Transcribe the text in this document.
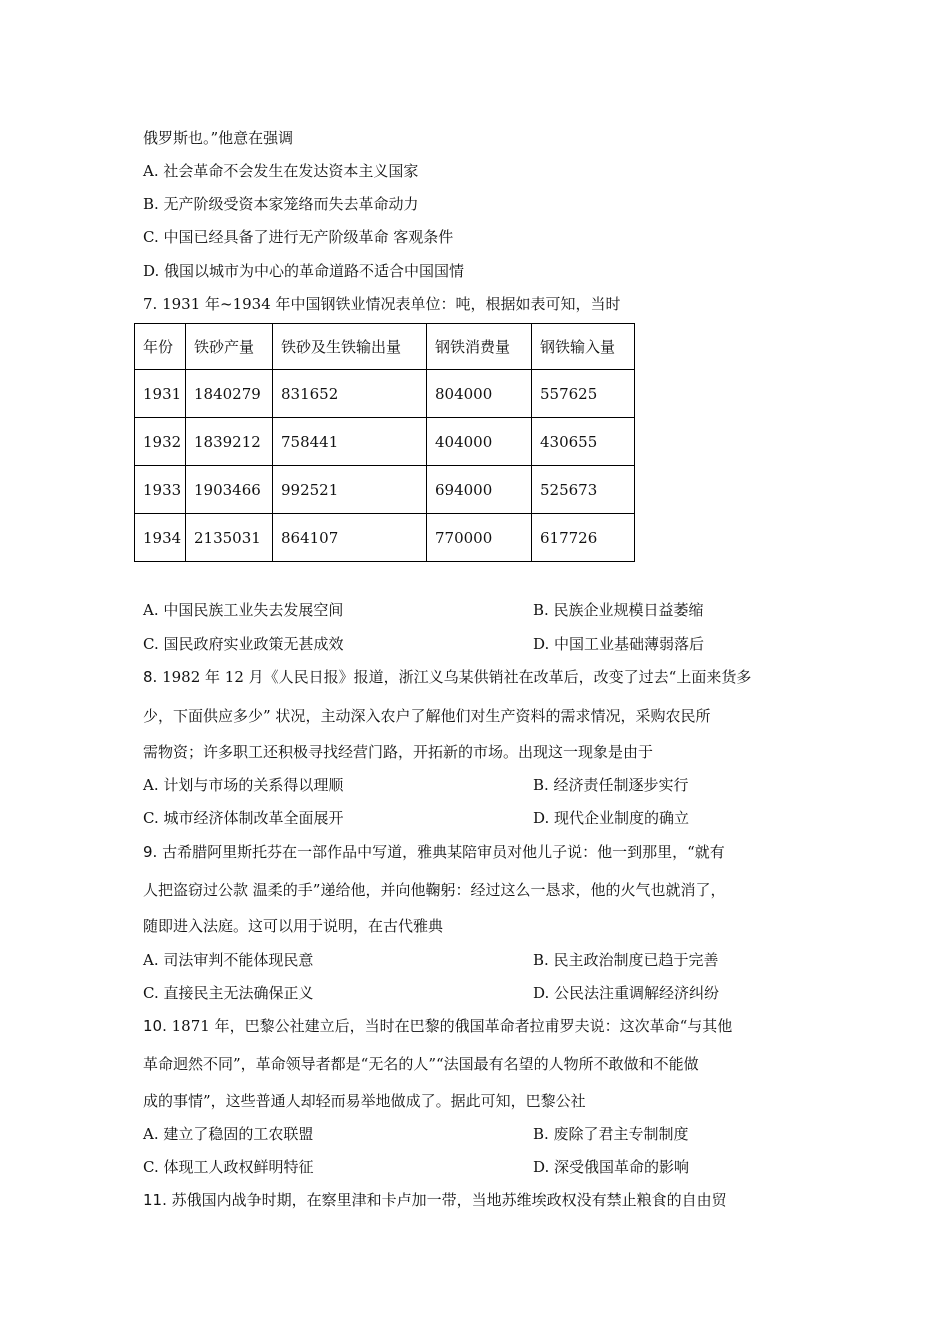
俄罗斯也。”他意在强调
A. 社会革命不会发生在发达资本主义国家
B. 无产阶级受资本家笼络而失去革命动力
C. 中国已经具备了进行无产阶级革命 客观条件
D. 俄国以城市为中心的革命道路不适合中国国情
7. 1931 年~1934 年中国钢铁业情况表单位：吨，根据如表可知，当时
年份	铁砂产量	铁砂及生铁输出量	钢铁消费量	钢铁输入量
1931	1840279	831652	804000	557625
1932	1839212	758441	404000	430655
1933	1903466	992521	694000	525673
1934	2135031	864107	770000	617726
A. 中国民族工业失去发展空间	B. 民族企业规模日益萎缩
C. 国民政府实业政策无甚成效	D. 中国工业基础薄弱落后
8. 1982 年 12 月《人民日报》报道，浙江义乌某供销社在改革后，改变了过去“上面来货多
少，下面供应多少” 状况，主动深入农户了解他们对生产资料的需求情况，采购农民所
需物资；许多职工还积极寻找经营门路，开拓新的市场。出现这一现象是由于
A. 计划与市场的关系得以理顺	B. 经济责任制逐步实行
C. 城市经济体制改革全面展开	D. 现代企业制度的确立
9. 古希腊阿里斯托芬在一部作品中写道，雅典某陪审员对他儿子说：他一到那里，“就有
人把盗窃过公款 温柔的手”递给他，并向他鞠躬：经过这么一恳求，他的火气也就消了，
随即进入法庭。这可以用于说明，在古代雅典
A. 司法审判不能体现民意	B. 民主政治制度已趋于完善
C. 直接民主无法确保正义	D. 公民法注重调解经济纠纷
10. 1871 年，巴黎公社建立后，当时在巴黎的俄国革命者拉甫罗夫说：这次革命“与其他
革命迥然不同”，革命领导者都是“无名的人”“法国最有名望的人物所不敢做和不能做
成的事情”，这些普通人却轻而易举地做成了。据此可知，巴黎公社
A. 建立了稳固的工农联盟	B. 废除了君主专制制度
C. 体现工人政权鲜明特征	D. 深受俄国革命的影响
11. 苏俄国内战争时期，在察里津和卡卢加一带，当地苏维埃政权没有禁止粮食的自由贸
